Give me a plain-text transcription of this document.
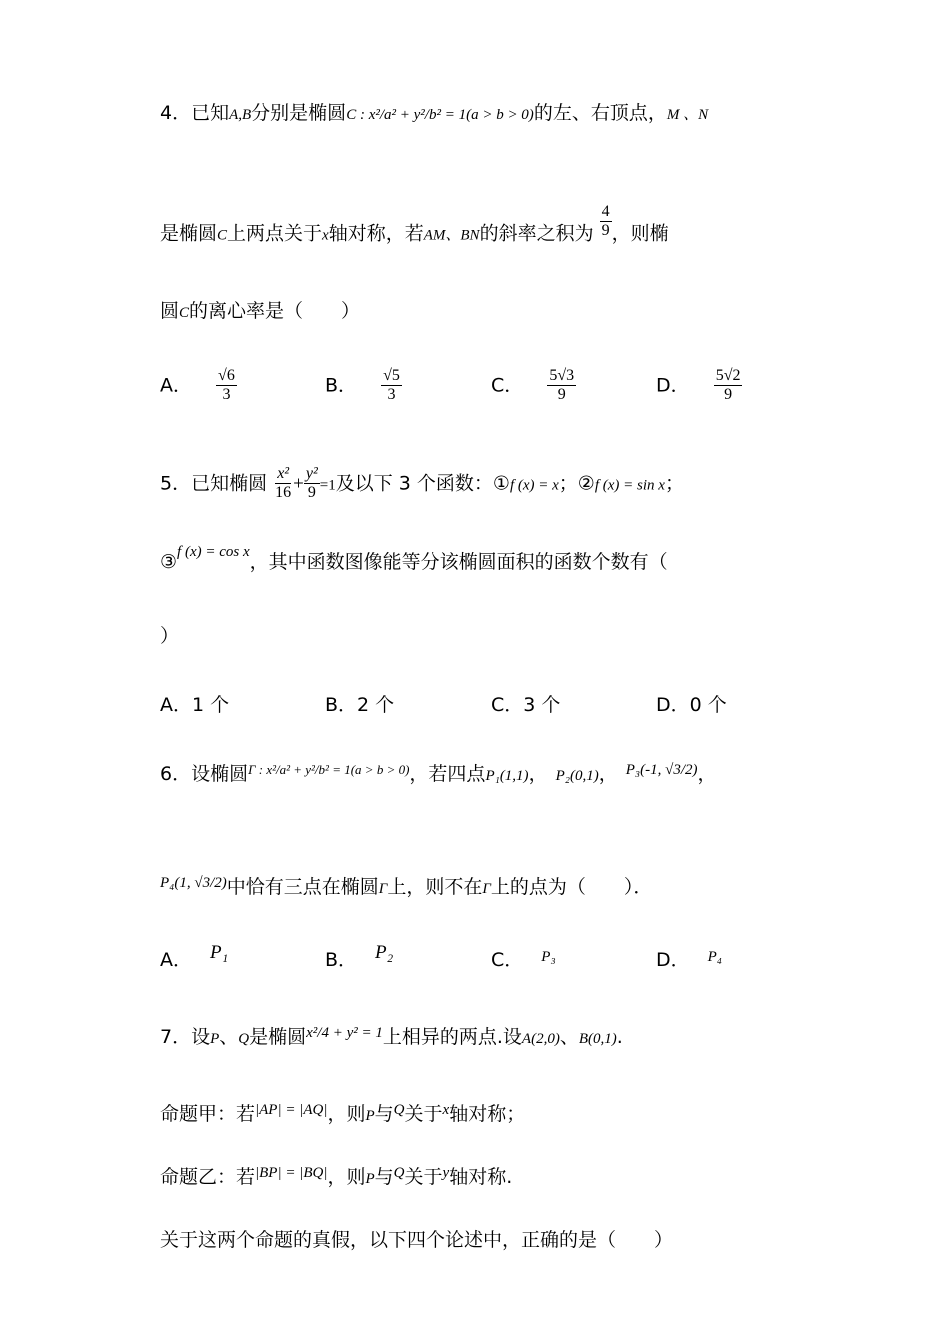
4．已知A,B分别是椭圆C : x²/a² + y²/b² = 1(a > b > 0)的左、右顶点，M 、N
是椭圆C上两点关于x轴对称，若AM、BN的斜率之积为 $\frac{4}{9}$ ，则椭
圆C的离心率是（　　）
A． $\frac{√6}{3}$	B． $\frac{√5}{3}$	C． $\frac{5√3}{9}$	D． $\frac{5√2}{9}$
5．已知椭圆 $\frac{\text{x²}}{16} + \frac{\text{y²}}{9} =1$及以下 3 个函数：①f (x) = x；②f (x) = sin x；
③$^{f (x) = cos x}$，其中函数图像能等分该椭圆面积的函数个数有（
）
A．1 个	B．2 个	C．3 个	D．0 个
6．设椭圆$^{\Gamma : x^2/a^2 + y^2/b^2 = 1(a > b > 0)}$，若四点P₁(1,1)， P₂(0,1)， $^{P_3(-1, √3/2)}$，
$^{P_4(1, √3/2)}$中恰有三点在椭圆Γ上，则不在Γ上的点为（　　）．
A． P₁	B． P₂	C． $^{P_3}$	D． $^{P_4}$
7．设P、Q是椭圆$^{x^2/4 + y^2 = 1}$上相异的两点.设A(2,0)、B(0,1).
命题甲：若$^{|AP| = |AQ|}$，则P与$^Q$关于$^x$轴对称；
命题乙：若$^{|BP| = |BQ|}$，则P与$^Q$关于$^y$轴对称.
关于这两个命题的真假，以下四个论述中，正确的是（　　）
